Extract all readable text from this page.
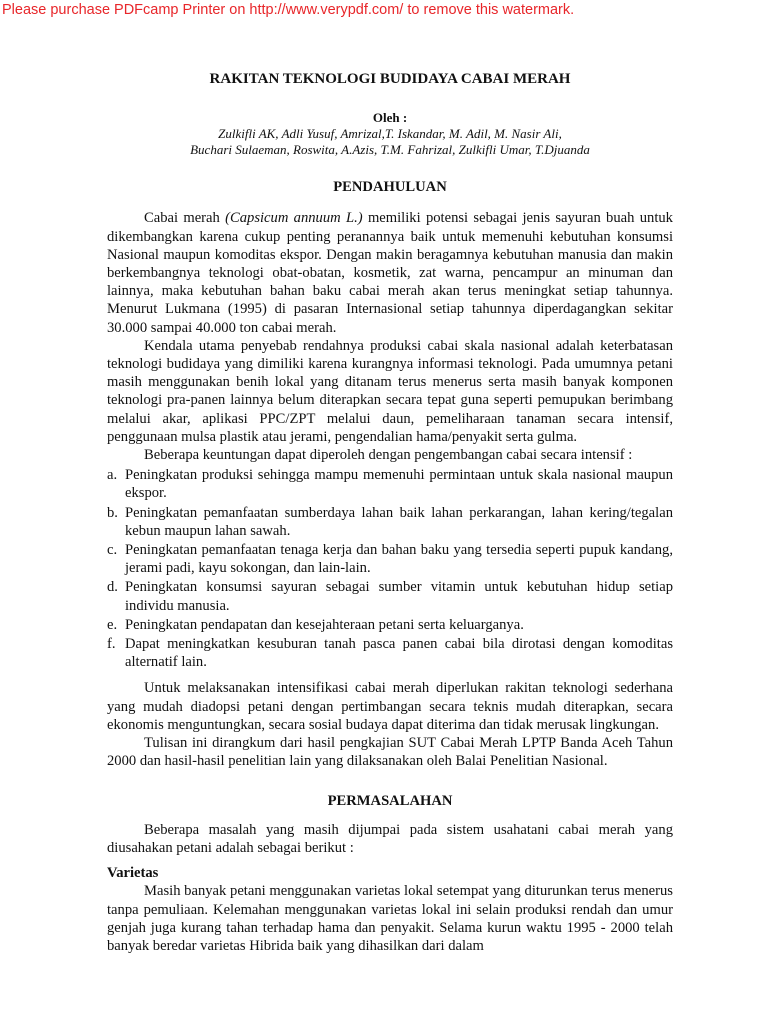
Please purchase PDFcamp Printer on http://www.verypdf.com/ to remove this watermark.
RAKITAN TEKNOLOGI BUDIDAYA CABAI MERAH
Oleh :
Zulkifli AK, Adli Yusuf, Amrizal,T. Iskandar, M. Adil, M. Nasir Ali,
Buchari Sulaeman, Roswita, A.Azis, T.M. Fahrizal, Zulkifli Umar, T.Djuanda
PENDAHULUAN

Cabai merah (Capsicum annuum L.) memiliki potensi sebagai jenis sayuran buah untuk dikembangkan karena cukup penting peranannya baik untuk memenuhi kebutuhan konsumsi Nasional maupun komoditas ekspor. Dengan makin beragamnya kebutuhan manusia dan makin berkembangnya teknologi obat-obatan, kosmetik, zat warna, pencampur an minuman dan lainnya, maka kebutuhan bahan baku cabai merah akan terus meningkat setiap tahunnya. Menurut Lukmana (1995) di pasaran Internasional setiap tahunnya diperdagangkan sekitar 30.000 sampai 40.000 ton cabai merah.

Kendala utama penyebab rendahnya produksi cabai skala nasional adalah keterbatasan teknologi budidaya yang dimiliki karena kurangnya informasi teknologi. Pada umumnya petani masih menggunakan benih lokal yang ditanam terus menerus serta masih banyak komponen teknologi pra-panen lainnya belum diterapkan secara tepat guna seperti pemupukan berimbang melalui akar, aplikasi PPC/ZPT melalui daun, pemeliharaan tanaman secara intensif, penggunaan mulsa plastik atau jerami, pengendalian hama/penyakit serta gulma.

Beberapa keuntungan dapat diperoleh dengan pengembangan cabai secara intensif :

a. Peningkatan produksi sehingga mampu memenuhi permintaan untuk skala nasional maupun ekspor.
b. Peningkatan pemanfaatan sumberdaya lahan baik lahan perkarangan, lahan kering/tegalan kebun maupun lahan sawah.
c. Peningkatan pemanfaatan tenaga kerja dan bahan baku yang tersedia seperti pupuk kandang, jerami padi, kayu sokongan, dan lain-lain.
d. Peningkatan konsumsi sayuran sebagai sumber vitamin untuk kebutuhan hidup setiap individu manusia.
e. Peningkatan pendapatan dan kesejahteraan petani serta keluarganya.
f. Dapat meningkatkan kesuburan tanah pasca panen cabai bila dirotasi dengan komoditas alternatif lain.

Untuk melaksanakan intensifikasi cabai merah diperlukan rakitan teknologi sederhana yang mudah diadopsi petani dengan pertimbangan secara teknis mudah diterapkan, secara ekonomis menguntungkan, secara sosial budaya dapat diterima dan tidak merusak lingkungan.

Tulisan ini dirangkum dari hasil pengkajian SUT Cabai Merah LPTP Banda Aceh Tahun 2000 dan hasil-hasil penelitian lain yang dilaksanakan oleh Balai Penelitian Nasional.

PERMASALAHAN

Beberapa masalah yang masih dijumpai pada sistem usahatani cabai merah yang diusahakan petani adalah sebagai berikut :

Varietas

Masih banyak petani menggunakan varietas lokal setempat yang diturunkan terus menerus tanpa pemuliaan. Kelemahan menggunakan varietas lokal ini selain produksi rendah dan umur genjah juga kurang tahan terhadap hama dan penyakit. Selama kurun waktu 1995 - 2000 telah banyak beredar varietas Hibrida baik yang dihasilkan dari dalam
